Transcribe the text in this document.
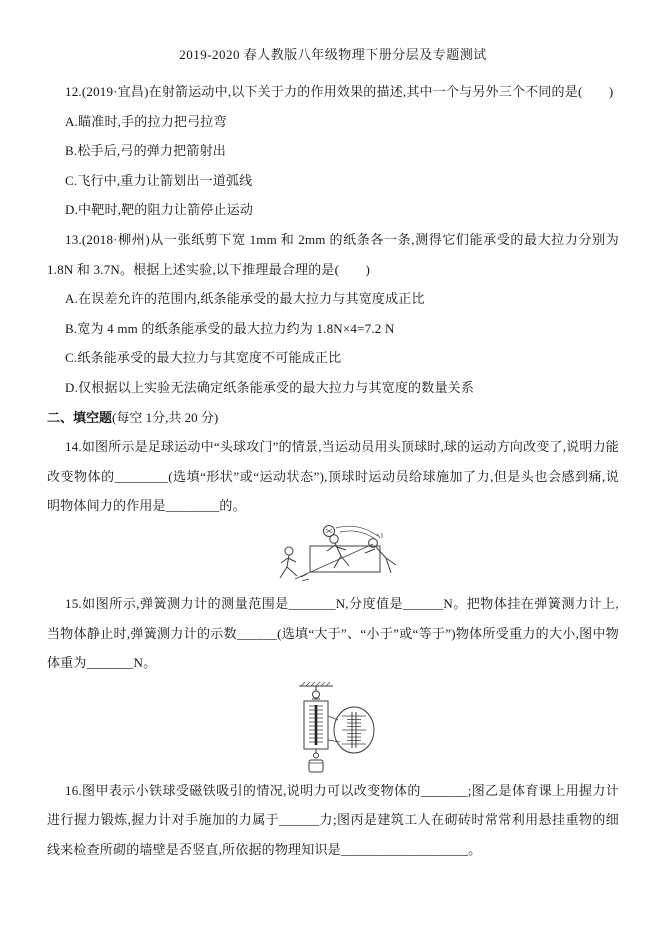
2019-2020 春人教版八年级物理下册分层及专题测试

12.(2019·宜昌)在射箭运动中,以下关于力的作用效果的描述,其中一个与另外三个不同的是(　　)

A.瞄准时,手的拉力把弓拉弯

B.松手后,弓的弹力把箭射出

C.飞行中,重力让箭划出一道弧线

D.中靶时,靶的阻力让箭停止运动

13.(2018·柳州)从一张纸剪下宽 1mm 和 2mm 的纸条各一条,测得它们能承受的最大拉力分别为 1.8N 和 3.7N。根据上述实验,以下推理最合理的是(　　)

A.在误差允许的范围内,纸条能承受的最大拉力与其宽度成正比

B.宽为 4 mm 的纸条能承受的最大拉力约为 1.8N×4=7.2 N

C.纸条能承受的最大拉力与其宽度不可能成正比

D.仅根据以上实验无法确定纸条能承受的最大拉力与其宽度的数量关系

二、填空题(每空 1分,共 20 分)

14.如图所示是足球运动中“头球攻门”的情景,当运动员用头顶球时,球的运动方向改变了,说明力能改变物体的________(选填“形状”或“运动状态”),顶球时运动员给球施加了力,但是头也会感到痛,说明物体间力的作用是________的。

15.如图所示,弹簧测力计的测量范围是_______N,分度值是______N。把物体挂在弹簧测力计上,当物体静止时,弹簧测力计的示数______(选填“大于”、“小于”或“等于”)物体所受重力的大小,图中物体重为_______N。

16.图甲表示小铁球受磁铁吸引的情况,说明力可以改变物体的_______;图乙是体育课上用握力计进行握力锻炼,握力计对手施加的力属于______力;图丙是建筑工人在砌砖时常常利用悬挂重物的细线来检查所砌的墙壁是否竖直,所依据的物理知识是___________________。
